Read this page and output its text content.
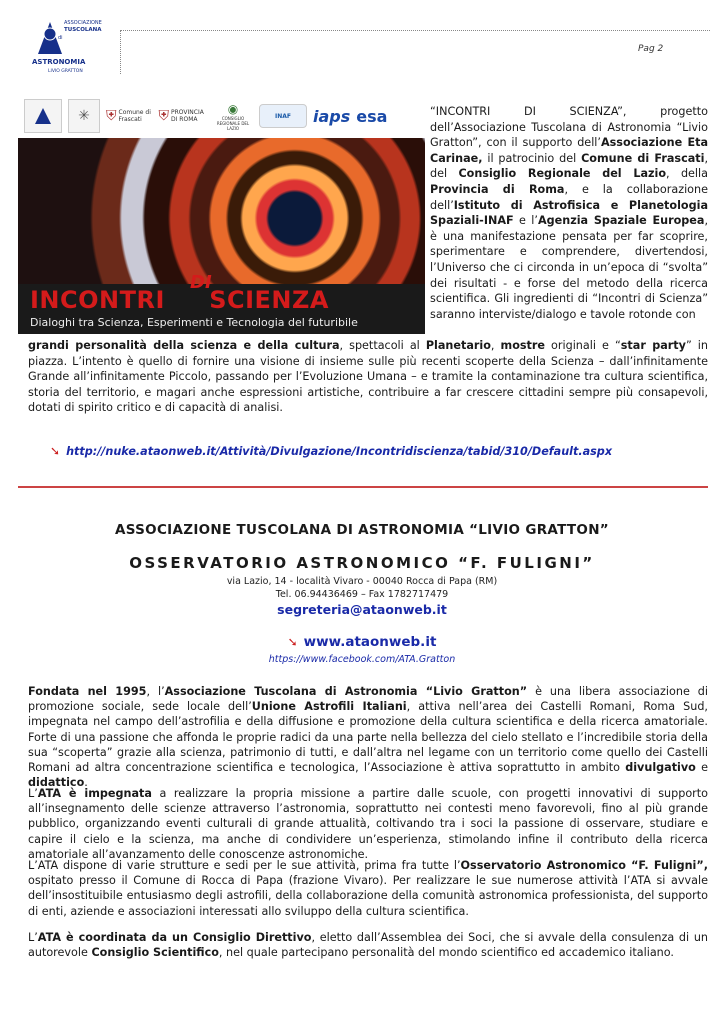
ASSOCIAZIONE
TUSCOLANA
di
ASTRONOMIA
LIVIO GRATTON
Pag 2
✳ ⛨ Comune di Frascati	⛨ PROVINCIA DI ROMA
◉
CONSIGLIO REGIONALE DEL LAZIO
INAF iaps esa
INCONTRI SCIENZA
DI
Dialoghi tra Scienza, Esperimenti e Tecnologia del futuribile
“INCONTRI DI SCIENZA”, progetto dell’Associazione Tuscolana di Astronomia “Livio Gratton”, con il supporto dell’Associazione Eta Carinae, il patrocinio del Comune di Frascati, del Consiglio Regionale del Lazio, della Provincia di Roma, e la collaborazione dell’Istituto di Astrofisica e Planetologia Spaziali-INAF e l’Agenzia Spaziale Europea, è una manifestazione pensata per far scoprire, sperimentare e comprendere, divertendosi, l’Universo che ci circonda in un’epoca di “svolta” dei risultati - e forse del metodo della ricerca scientifica. Gli ingredienti di “Incontri di Scienza” saranno interviste/dialogo e tavole rotonde con
grandi personalità della scienza e della cultura, spettacoli al Planetario, mostre originali e “star party” in piazza. L’intento è quello di fornire una visione di insieme sulle più recenti scoperte della Scienza – dall’infinitamente Grande all’infinitamente Piccolo, passando per l’Evoluzione Umana – e tramite la contaminazione tra cultura scientifica, storia del territorio, e magari anche espressioni artistiche, contribuire a far crescere cittadini sempre più consapevoli, dotati di spirito critico e di capacità di analisi.
➘ http://nuke.ataonweb.it/Attività/Divulgazione/Incontridiscienza/tabid/310/Default.aspx
ASSOCIAZIONE TUSCOLANA DI ASTRONOMIA “LIVIO GRATTON”
OSSERVATORIO ASTRONOMICO “F. FULIGNI”
via Lazio, 14 - località Vivaro - 00040 Rocca di Papa (RM)
Tel. 06.94436469 – Fax 1782717479
segreteria@ataonweb.it
➘ www.ataonweb.it
https://www.facebook.com/ATA.Gratton
Fondata nel 1995, l’Associazione Tuscolana di Astronomia “Livio Gratton” è una libera associazione di promozione sociale, sede locale dell’Unione Astrofili Italiani, attiva nell’area dei Castelli Romani, Roma Sud, impegnata nel campo dell’astrofilia e della diffusione e promozione della cultura scientifica e della ricerca amatoriale. Forte di una passione che affonda le proprie radici da una parte nella bellezza del cielo stellato e l’incredibile storia della sua “scoperta” grazie alla scienza, patrimonio di tutti, e dall’altra nel legame con un territorio come quello dei Castelli Romani ad altra concentrazione scientifica e tecnologica, l’Associazione è attiva soprattutto in ambito divulgativo e didattico.
L’ATA è impegnata a realizzare la propria missione a partire dalle scuole, con progetti innovativi di supporto all’insegnamento delle scienze attraverso l’astronomia, soprattutto nei contesti meno favorevoli, fino al più grande pubblico, organizzando eventi culturali di grande attualità, coltivando tra i soci la passione di osservare, studiare e capire il cielo e la scienza, ma anche di condividere un’esperienza, stimolando infine il contributo della ricerca amatoriale all’avanzamento delle conoscenze astronomiche.
L’ATA dispone di varie strutture e sedi per le sue attività, prima fra tutte l’Osservatorio Astronomico “F. Fuligni”, ospitato presso il Comune di Rocca di Papa (frazione Vivaro). Per realizzare le sue numerose attività l’ATA si avvale dell’insostituibile entusiasmo degli astrofili, della collaborazione della comunità astronomica professionista, del supporto di enti, aziende e associazioni interessati allo sviluppo della cultura scientifica.
L’ATA è coordinata da un Consiglio Direttivo, eletto dall’Assemblea dei Soci, che si avvale della consulenza di un autorevole Consiglio Scientifico, nel quale partecipano personalità del mondo scientifico ed accademico italiano.
